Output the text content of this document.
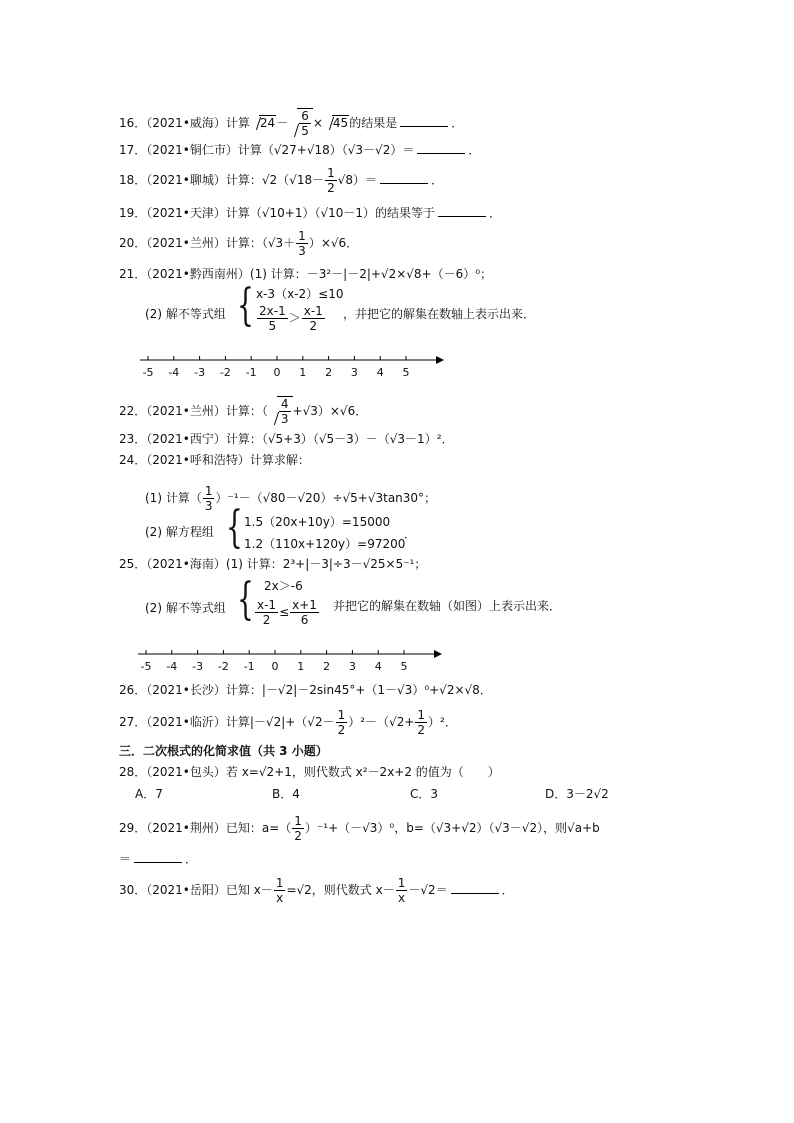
16．（2021•威海）计算 $24- \frac{6}{5} \times 45$的结果是	．
17．（2021•铜仁市）计算（√27+√18）（√3－√2）＝	．
18．（2021•聊城）计算：$√2(√18- \frac{1}{2} √8)=$	．
19．（2021•天津）计算（√10+1）（√10－1）的结果等于	．
20．（2021•兰州）计算：$(√3+ \frac{1}{3} )\times√6$．
21．（2021•黔西南州）(1) 计算：－3²－|－2|+√2×√8+（－6）⁰；
(2) 解不等式组 { x-3（x-2）≤10
$\frac{2x-1}{5} > \frac{x-1}{2}$ ，并把它的解集在数轴上表示出来．
-5 -4 -3 -2 -1 0 1 2 3 4 5
22．（2021•兰州）计算：（ $\frac{4}{3} +√3)\times√6$．
23．（2021•西宁）计算：（√5+3）（√5－3）－（√3－1）²．
24．（2021•呼和浩特）计算求解：
(1) 计算（ $\frac{1}{3} )^{-1}-(√80-√20)\div√5+√3\tan 30^\circ$；
(2) 解方程组 { 1.5（20x+10y）=15000
1.2（110x+120y）=97200
．
25．（2021•海南）(1) 计算：2³+|－3|÷3－√25×5⁻¹；
(2) 解不等式组 { 2x＞-6
$\frac{x-1}{2} \le \frac{x+1}{6}$ 并把它的解集在数轴（如图）上表示出来．
-5 -4 -3 -2 -1 0 1 2 3 4 5
26．（2021•长沙）计算：|－√2|－2sin45°+（1－√3）⁰+√2×√8．
27．（2021•临沂）计算$|-√2|+(√2- \frac{1}{2} )^2-(√2+ \frac{1}{2} )^2$．
三．二次根式的化简求值（共 3 小题）
28．（2021•包头）若 x=√2+1，则代数式 x²－2x+2 的值为（　　）
A．7	B．4	C．3	D．3－2√2
29．（2021•荆州）已知：$a=( \frac{1}{2} )^{-1}+(-√3)^0$，b=（√3+√2）（√3－√2），则√a+b
＝	．
30．（2021•岳阳）已知 $x- \frac{1}{x} =√2$，则代数式 $x- \frac{1}{x} -√2=$	．
